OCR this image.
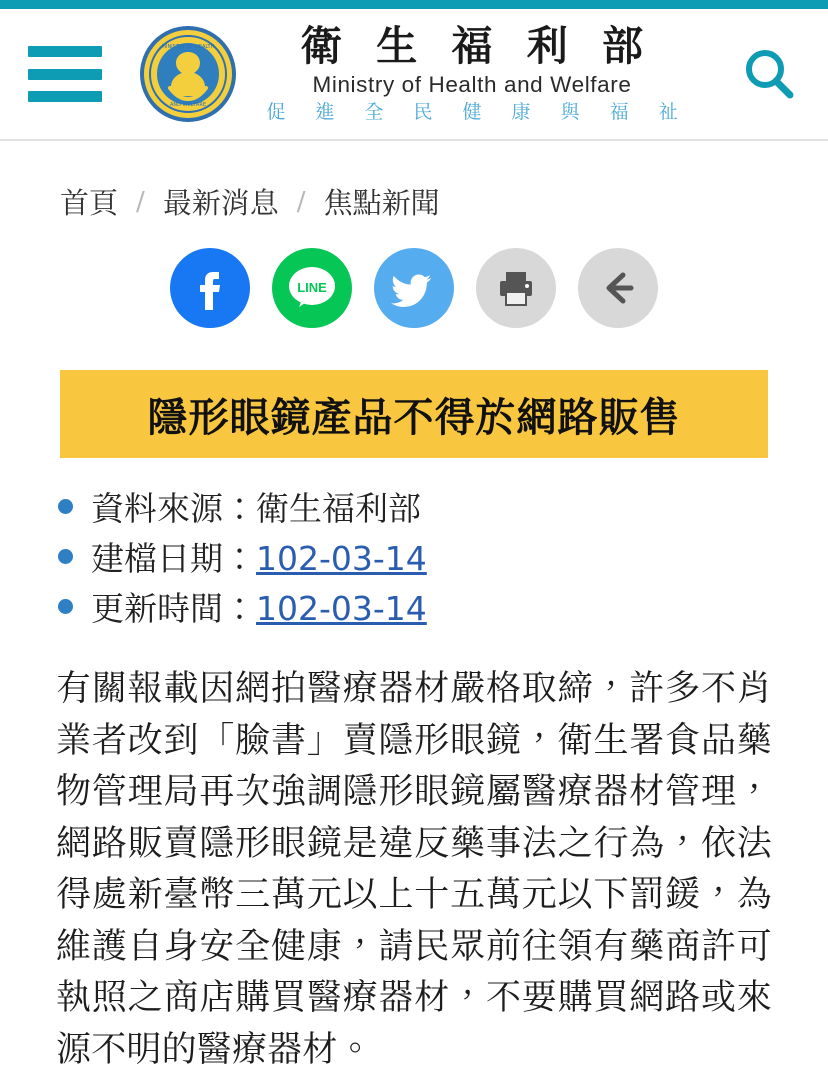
MINISTRY OF HEALTH
AND WELFARE
衛 生 福 利 部
Ministry of Health and Welfare
促 進 全 民 健 康 與 福 祉
首頁 / 最新消息 / 焦點新聞
LINE
隱形眼鏡產品不得於網路販售
資料來源： 衛生福利部
建檔日期： 102-03-14
更新時間： 102-03-14
有關報載因網拍醫療器材嚴格取締，許多不肖業者改到「臉書」賣隱形眼鏡，衛生署食品藥物管理局再次強調隱形眼鏡屬醫療器材管理，網路販賣隱形眼鏡是違反藥事法之行為，依法得處新臺幣三萬元以上十五萬元以下罰鍰，為維護自身安全健康，請民眾前往領有藥商許可執照之商店購買醫療器材，不要購買網路或來源不明的醫療器材。
